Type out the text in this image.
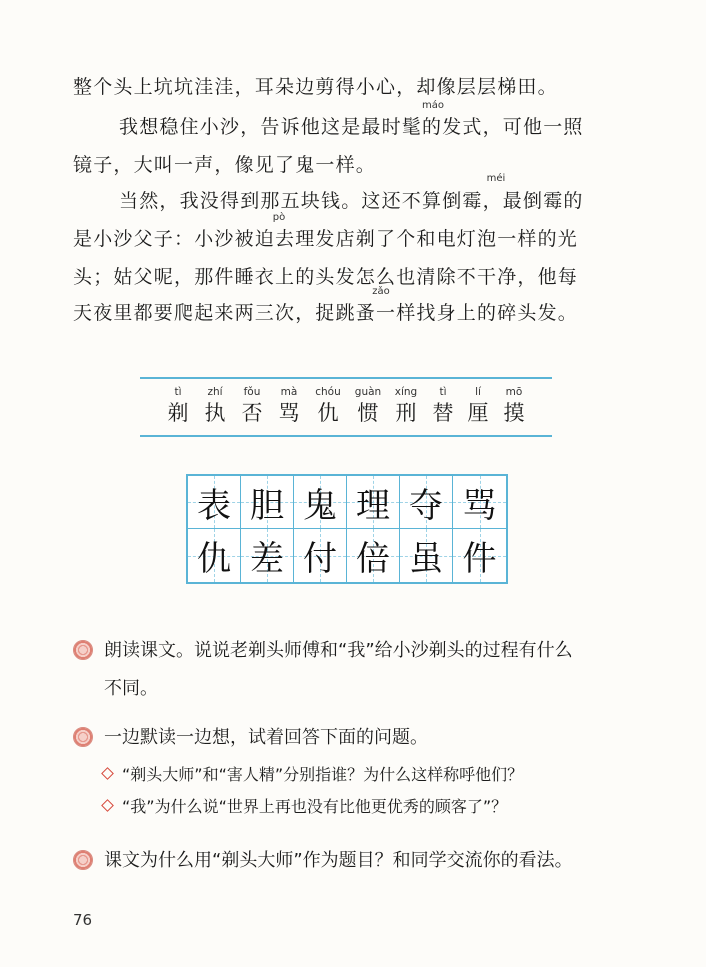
整个头上坑坑洼洼，耳朵边剪得小心，却像层层梯田。

máo

我想稳住小沙，告诉他这是最时髦的发式，可他一照

镜子，大叫一声，像见了鬼一样。

méi

当然，我没得到那五块钱。这还不算倒霉，最倒霉的

pò

是小沙父子：小沙被迫去理发店剃了个和电灯泡一样的光

头；姑父呢，那件睡衣上的头发怎么也清除不干净，他每

zǎo

天夜里都要爬起来两三次，捉跳蚤一样找身上的碎头发。

tì
剃
zhí
执
fǒu
否
mà
骂
chóu
仇
guàn
惯
xíng
刑
tì
替
lí
厘
mō
摸
表 胆 鬼 理 夺 骂
仇 差 付 倍 虽 件
朗读课文。说说老剃头师傅和“我”给小沙剃头的过程有什么
不同。
一边默读一边想，试着回答下面的问题。
“剃头大师”和“害人精”分别指谁？为什么这样称呼他们？
“我”为什么说“世界上再也没有比他更优秀的顾客了”？
课文为什么用“剃头大师”作为题目？和同学交流你的看法。
76
